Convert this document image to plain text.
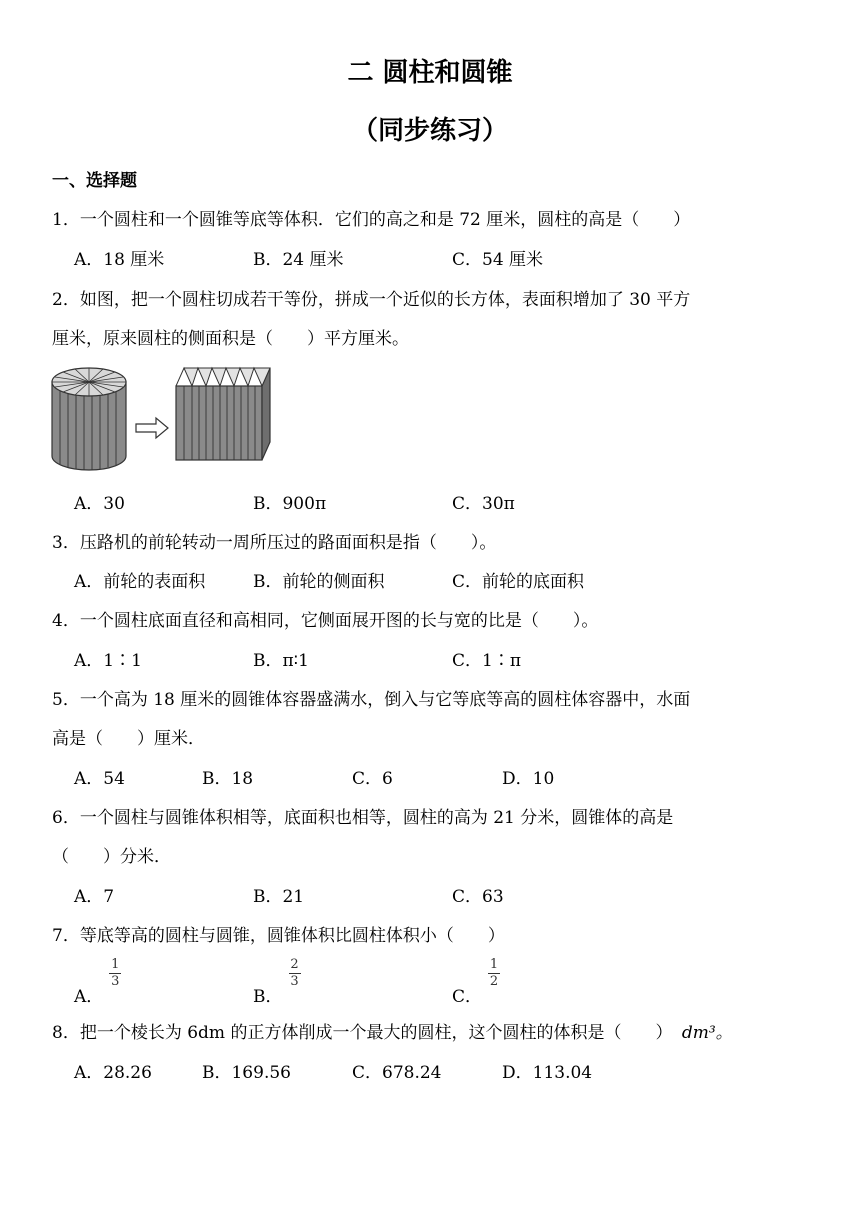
二 圆柱和圆锥
（同步练习）
一、选择题
1．一个圆柱和一个圆锥等底等体积．它们的高之和是 72 厘米，圆柱的高是（　　）
A．18 厘米	B．24 厘米	C．54 厘米
2．如图，把一个圆柱切成若干等份，拼成一个近似的长方体，表面积增加了 30 平方
厘米，原来圆柱的侧面积是（　　）平方厘米。
A．30	B．900π	C．30π
3．压路机的前轮转动一周所压过的路面面积是指（　　）。
A．前轮的表面积	B．前轮的侧面积	C．前轮的底面积
4．一个圆柱底面直径和高相同，它侧面展开图的长与宽的比是（　　）。
A．1∶1	B．π∶1	C．1∶π
5．一个高为 18 厘米的圆锥体容器盛满水，倒入与它等底等高的圆柱体容器中，水面
高是（　　）厘米．
A．54	B．18	C．6	D．10
6．一个圆柱与圆锥体积相等，底面积也相等，圆柱的高为 21 分米，圆锥体的高是
（　　）分米．
A．7	B．21	C．63
7．等底等高的圆柱与圆锥，圆锥体积比圆柱体积小（　　）
A．$\frac{1}{3}$
B．$\frac{2}{3}$
C．$\frac{1}{2}$
8．把一个棱长为 6dm 的正方体削成一个最大的圆柱，这个圆柱的体积是（　　） dm³。
A．28.26	B．169.56	C．678.24	D．113.04
